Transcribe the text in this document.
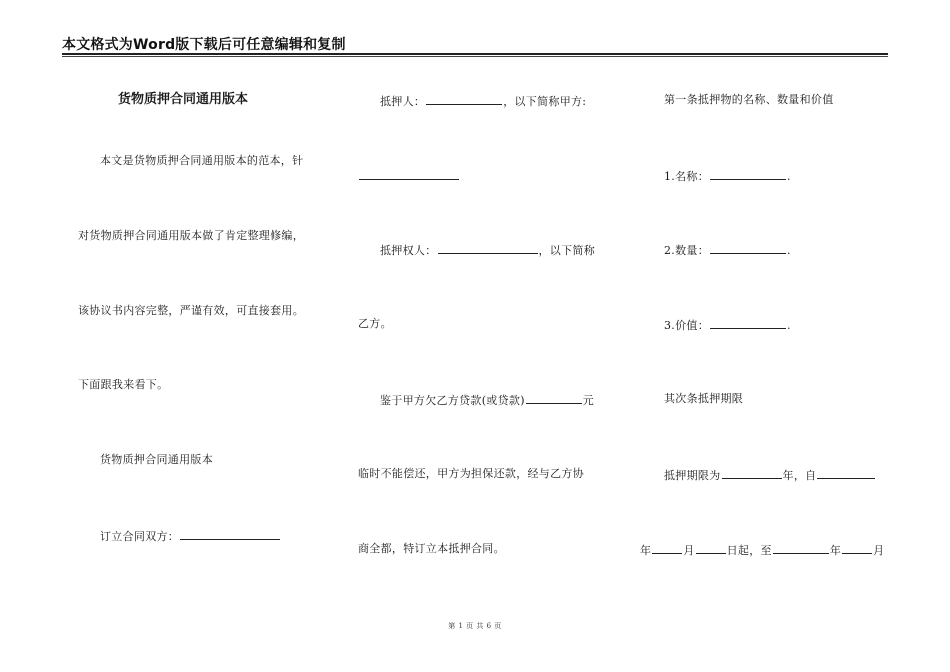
本文格式为Word版下载后可任意编辑和复制
货物质押合同通用版本
本文是货物质押合同通用版本的范本，针
对货物质押合同通用版本做了肯定整理修编，
该协议书内容完整，严谨有效，可直接套用。
下面跟我来看下。
货物质押合同通用版本
订立合同双方：
抵押人：	，以下简称甲方:
抵押权人：	，以下简称
乙方。
鉴于甲方欠乙方贷款(或贷款)	元
临时不能偿还，甲方为担保还款，经与乙方协
商全都，特订立本抵押合同。
第一条抵押物的名称、数量和价值
1.名称：	.
2.数量：	.
3.价值：	.
其次条抵押期限
抵押期限为	年，自
年	月	日起，至	年	月
第 1 页 共 6 页
